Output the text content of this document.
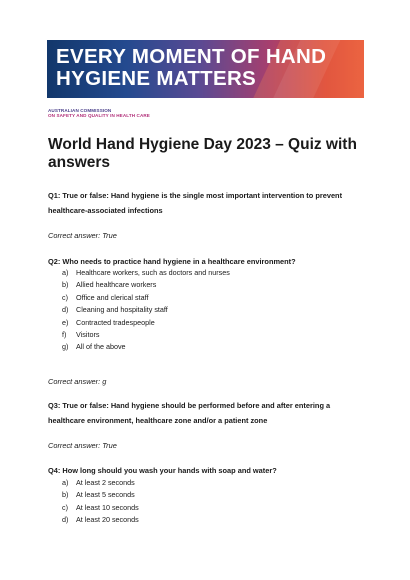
EVERY MOMENT OF HAND
HYGIENE MATTERS
AUSTRALIAN COMMISSION
ON SAFETY AND QUALITY IN HEALTH CARE
World Hand Hygiene Day 2023 – Quiz with answers
Q1: True or false: Hand hygiene is the single most important intervention to prevent healthcare-associated infections
Correct answer: True
Q2: Who needs to practice hand hygiene in a healthcare environment?
a) Healthcare workers, such as doctors and nurses
b) Allied healthcare workers
c) Office and clerical staff
d) Cleaning and hospitality staff
e) Contracted tradespeople
f) Visitors
g) All of the above
Correct answer: g
Q3: True or false: Hand hygiene should be performed before and after entering a healthcare environment, healthcare zone and/or a patient zone
Correct answer: True
Q4: How long should you wash your hands with soap and water?
a) At least 2 seconds
b) At least 5 seconds
c) At least 10 seconds
d) At least 20 seconds
